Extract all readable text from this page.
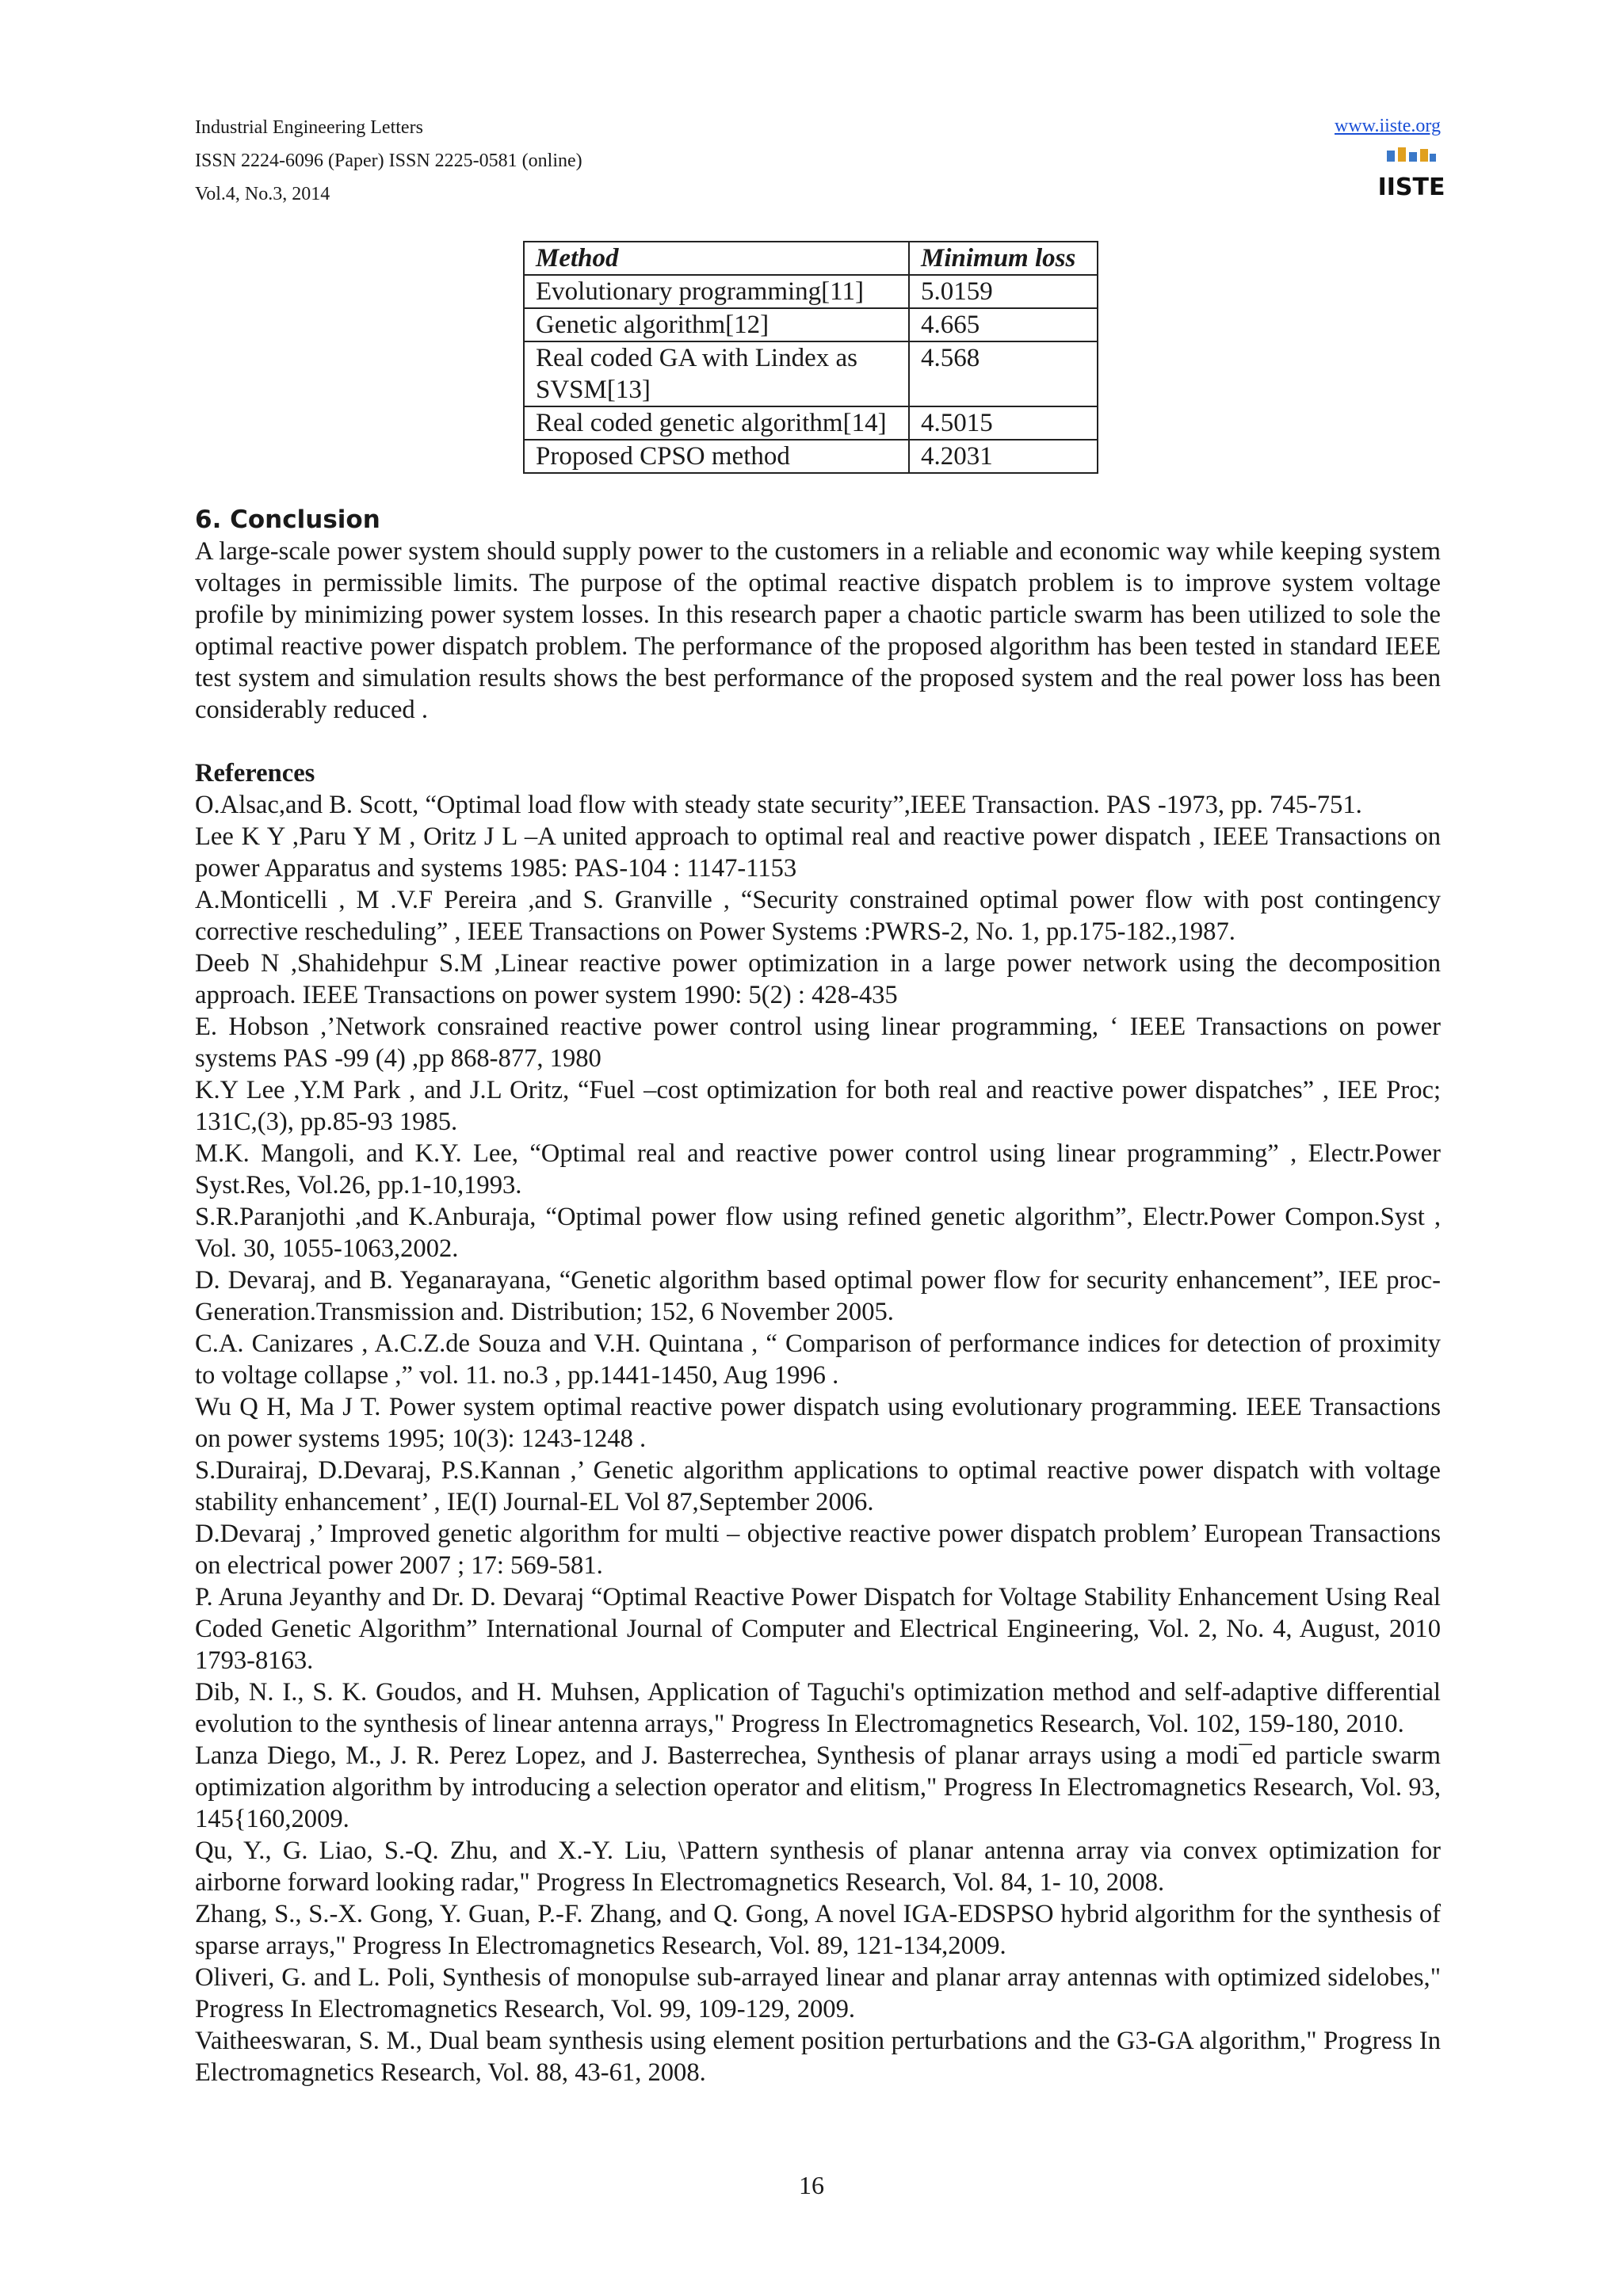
Industrial Engineering Letters
ISSN 2224-6096 (Paper) ISSN 2225-0581 (online)
Vol.4, No.3, 2014
www.iiste.org
IISTE
Method	Minimum loss
Evolutionary programming[11]	5.0159
Genetic algorithm[12]	4.665
Real coded GA with Lindex as SVSM[13]	4.568
Real coded genetic algorithm[14]	4.5015
Proposed CPSO method	4.2031
6. Conclusion
A large-scale power system should supply power to the customers in a reliable and economic way while keeping system voltages in permissible limits. The purpose of the optimal reactive dispatch problem is to improve system voltage profile by minimizing power system losses. In this research paper a chaotic particle swarm has been utilized to sole the optimal reactive power dispatch problem. The performance of the proposed algorithm has been tested in standard IEEE test system and simulation results shows the best performance of the proposed system and the real power loss has been considerably reduced .
References

O.Alsac,and B. Scott, “Optimal load flow with steady state security”,IEEE Transaction. PAS -1973, pp. 745-751.

Lee K Y ,Paru Y M , Oritz J L –A united approach to optimal real and reactive power dispatch , IEEE Transactions on power Apparatus and systems 1985: PAS-104 : 1147-1153

A.Monticelli , M .V.F Pereira ,and S. Granville , “Security constrained optimal power flow with post contingency corrective rescheduling” , IEEE Transactions on Power Systems :PWRS-2, No. 1, pp.175-182.,1987.

Deeb N ,Shahidehpur S.M ,Linear reactive power optimization in a large power network using the decomposition approach. IEEE Transactions on power system 1990: 5(2) : 428-435

E. Hobson ,’Network consrained reactive power control using linear programming, ‘ IEEE Transactions on power systems PAS -99 (4) ,pp 868-877, 1980

K.Y Lee ,Y.M Park , and J.L Oritz, “Fuel –cost optimization for both real and reactive power dispatches” , IEE Proc; 131C,(3), pp.85-93 1985.

M.K. Mangoli, and K.Y. Lee, “Optimal real and reactive power control using linear programming” , Electr.Power Syst.Res, Vol.26, pp.1-10,1993.

S.R.Paranjothi ,and K.Anburaja, “Optimal power flow using refined genetic algorithm”, Electr.Power Compon.Syst , Vol. 30, 1055-1063,2002.

D. Devaraj, and B. Yeganarayana, “Genetic algorithm based optimal power flow for security enhancement”, IEE proc-Generation.Transmission and. Distribution; 152, 6 November 2005.

C.A. Canizares , A.C.Z.de Souza and V.H. Quintana , “ Comparison of performance indices for detection of proximity to voltage collapse ,” vol. 11. no.3 , pp.1441-1450, Aug 1996 .

Wu Q H, Ma J T. Power system optimal reactive power dispatch using evolutionary programming. IEEE Transactions on power systems 1995; 10(3): 1243-1248 .

S.Durairaj, D.Devaraj, P.S.Kannan ,’ Genetic algorithm applications to optimal reactive power dispatch with voltage stability enhancement’ , IE(I) Journal-EL Vol 87,September 2006.

D.Devaraj ,’ Improved genetic algorithm for multi – objective reactive power dispatch problem’ European Transactions on electrical power 2007 ; 17: 569-581.

P. Aruna Jeyanthy and Dr. D. Devaraj “Optimal Reactive Power Dispatch for Voltage Stability Enhancement Using Real Coded Genetic Algorithm” International Journal of Computer and Electrical Engineering, Vol. 2, No. 4, August, 2010 1793-8163.

Dib, N. I., S. K. Goudos, and H. Muhsen, Application of Taguchi's optimization method and self-adaptive differential evolution to the synthesis of linear antenna arrays," Progress In Electromagnetics Research, Vol. 102, 159-180, 2010.

Lanza Diego, M., J. R. Perez Lopez, and J. Basterrechea, Synthesis of planar arrays using a modi¯ed particle swarm optimization algorithm by introducing a selection operator and elitism," Progress In Electromagnetics Research, Vol. 93, 145{160,2009.

Qu, Y., G. Liao, S.-Q. Zhu, and X.-Y. Liu, \Pattern synthesis of planar antenna array via convex optimization for airborne forward looking radar," Progress In Electromagnetics Research, Vol. 84, 1- 10, 2008.

Zhang, S., S.-X. Gong, Y. Guan, P.-F. Zhang, and Q. Gong, A novel IGA-EDSPSO hybrid algorithm for the synthesis of sparse arrays," Progress In Electromagnetics Research, Vol. 89, 121-134,2009.

Oliveri, G. and L. Poli, Synthesis of monopulse sub-arrayed linear and planar array antennas with optimized sidelobes," Progress In Electromagnetics Research, Vol. 99, 109-129, 2009.

Vaitheeswaran, S. M., Dual beam synthesis using element position perturbations and the G3-GA algorithm," Progress In Electromagnetics Research, Vol. 88, 43-61, 2008.

16
